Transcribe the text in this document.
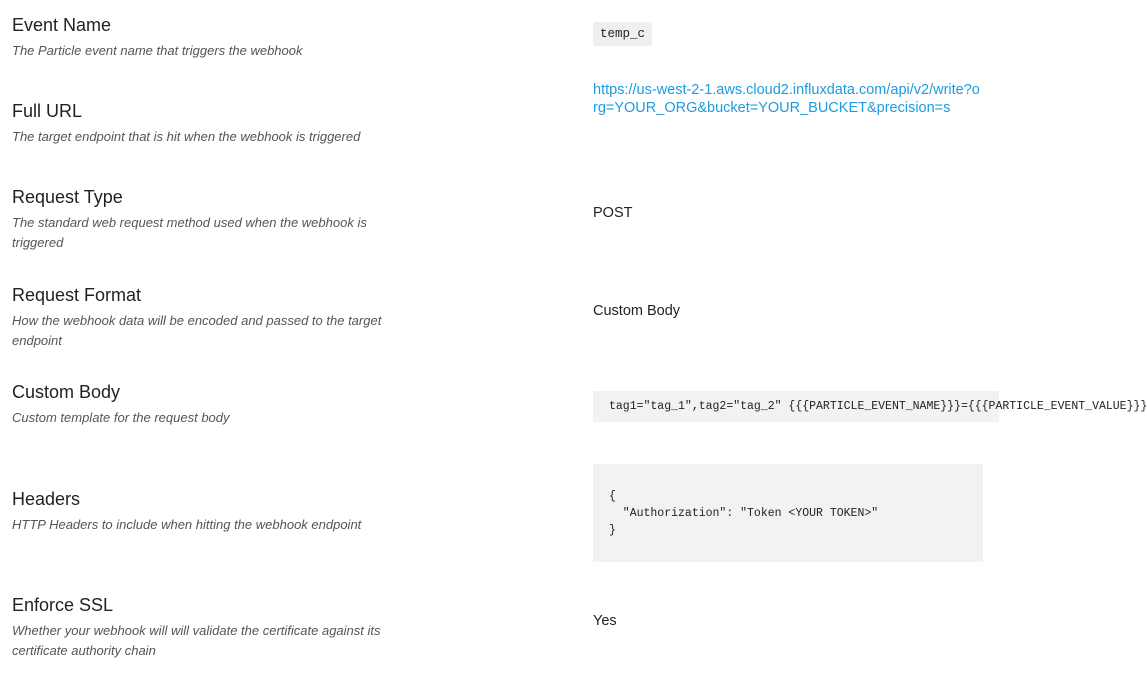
Event Name
The Particle event name that triggers the webhook
temp_c
Full URL
The target endpoint that is hit when the webhook is triggered
https://us-west-2-1.aws.cloud2.influxdata.com/api/v2/write?org=YOUR_ORG&bucket=YOUR_BUCKET&precision=s
Request Type
The standard web request method used when the webhook is triggered
POST
Request Format
How the webhook data will be encoded and passed to the target endpoint
Custom Body
Custom Body
Custom template for the request body
tag1="tag_1",tag2="tag_2" {{{PARTICLE_EVENT_NAME}}}={{{PARTICLE_EVENT_VALUE}}}
Headers
HTTP Headers to include when hitting the webhook endpoint
{
"Authorization": "Token <YOUR TOKEN>"
}
Enforce SSL
Whether your webhook will will validate the certificate against its certificate authority chain
Yes
